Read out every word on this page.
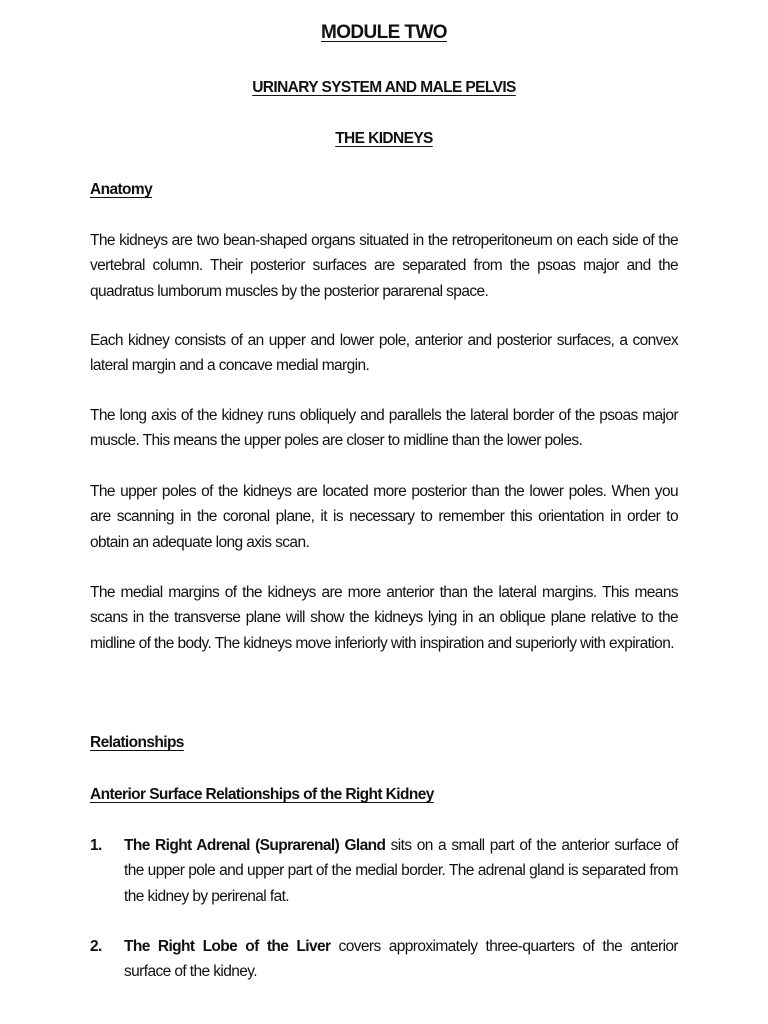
MODULE TWO
URINARY SYSTEM AND MALE PELVIS
THE KIDNEYS
Anatomy

The kidneys are two bean-shaped organs situated in the retroperitoneum on each side of the vertebral column. Their posterior surfaces are separated from the psoas major and the quadratus lumborum muscles by the posterior pararenal space.

Each kidney consists of an upper and lower pole, anterior and posterior surfaces, a convex lateral margin and a concave medial margin.

The long axis of the kidney runs obliquely and parallels the lateral border of the psoas major muscle. This means the upper poles are closer to midline than the lower poles.

The upper poles of the kidneys are located more posterior than the lower poles. When you are scanning in the coronal plane, it is necessary to remember this orientation in order to obtain an adequate long axis scan.

The medial margins of the kidneys are more anterior than the lateral margins. This means scans in the transverse plane will show the kidneys lying in an oblique plane relative to the midline of the body. The kidneys move inferiorly with inspiration and superiorly with expiration.

Relationships
Anterior Surface Relationships of the Right Kidney
1. The Right Adrenal (Suprarenal) Gland sits on a small part of the anterior surface of the upper pole and upper part of the medial border. The adrenal gland is separated from the kidney by perirenal fat.
2. The Right Lobe of the Liver covers approximately three-quarters of the anterior surface of the kidney.
